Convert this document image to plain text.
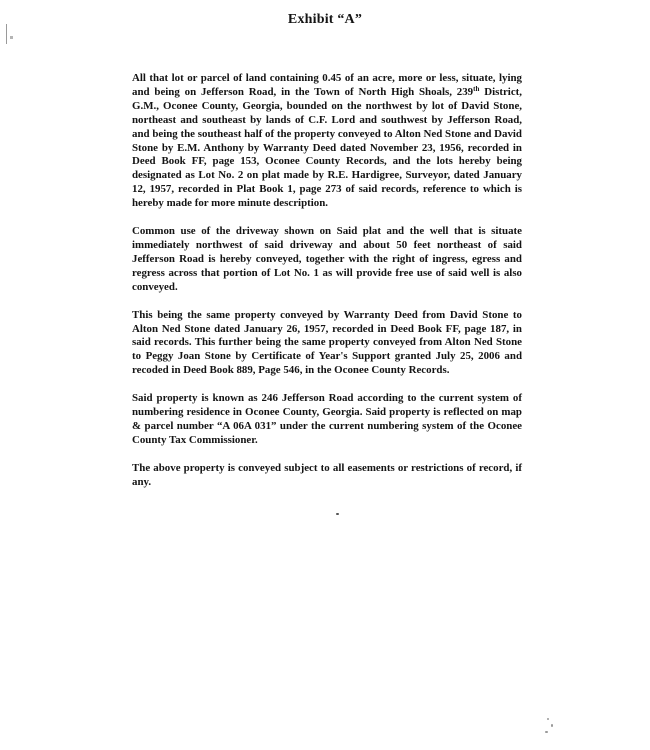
Exhibit “A”

All that lot or parcel of land containing 0.45 of an acre, more or less, situate, lying and being on Jefferson Road, in the Town of North High Shoals, 239th District, G.M., Oconee County, Georgia, bounded on the northwest by lot of David Stone, northeast and southeast by lands of C.F. Lord and southwest by Jefferson Road, and being the southeast half of the property conveyed to Alton Ned Stone and David Stone by E.M. Anthony by Warranty Deed dated November 23, 1956, recorded in Deed Book FF, page 153, Oconee County Records, and the lots hereby being designated as Lot No. 2 on plat made by R.E. Hardigree, Surveyor, dated January 12, 1957, recorded in Plat Book 1, page 273 of said records, reference to which is hereby made for more minute description.

Common use of the driveway shown on Said plat and the well that is situate immediately northwest of said driveway and about 50 feet northeast of said Jefferson Road is hereby conveyed, together with the right of ingress, egress and regress across that portion of Lot No. 1 as will provide free use of said well is also conveyed.

This being the same property conveyed by Warranty Deed from David Stone to Alton Ned Stone dated January 26, 1957, recorded in Deed Book FF, page 187, in said records. This further being the same property conveyed from Alton Ned Stone to Peggy Joan Stone by Certificate of Year's Support granted July 25, 2006 and recoded in Deed Book 889, Page 546, in the Oconee County Records.

Said property is known as 246 Jefferson Road according to the current system of numbering residence in Oconee County, Georgia. Said property is reflected on map & parcel number “A 06A 031” under the current numbering system of the Oconee County Tax Commissioner.

The above property is conveyed subject to all easements or restrictions of record, if any.
